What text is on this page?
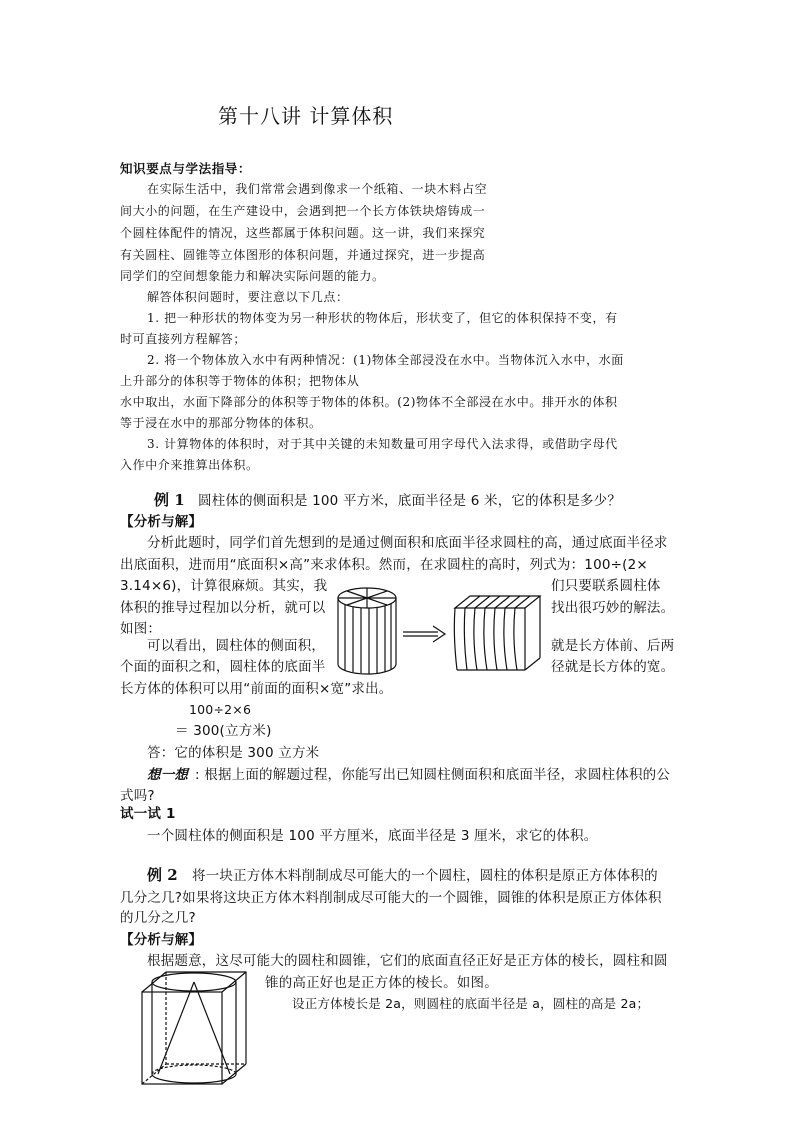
第十八讲 计算体积
知识要点与学法指导：
在实际生活中，我们常常会遇到像求一个纸箱、一块木料占空
间大小的问题，在生产建设中，会遇到把一个长方体铁块熔铸成一
个圆柱体配件的情况，这些都属于体积问题。这一讲，我们来探究
有关圆柱、圆锥等立体图形的体积问题，并通过探究，进一步提高
同学们的空间想象能力和解决实际问题的能力。
解答体积问题时，要注意以下几点：
1. 把一种形状的物体变为另一种形状的物体后，形状变了，但它的体积保持不变，有
时可直接列方程解答；
2. 将一个物体放入水中有两种情况：(1)物体全部浸没在水中。当物体沉入水中，水面
上升部分的体积等于物体的体积；把物体从
水中取出，水面下降部分的体积等于物体的体积。(2)物体不全部浸在水中。排开水的体积
等于浸在水中的那部分物体的体积。
3. 计算物体的体积时，对于其中关键的未知数量可用字母代入法求得，或借助字母代
入作中介来推算出体积。
例 1 圆柱体的侧面积是 100 平方米，底面半径是 6 米，它的体积是多少？
【分析与解】
分析此题时，同学们首先想到的是通过侧面积和底面半径求圆柱的高，通过底面半径求
出底面积，进而用“底面积×高”来求体积。然而，在求圆柱的高时，列式为：100÷(2×
3.14×6)，计算很麻烦。其实，我	们只要联系圆柱体
体积的推导过程加以分析，就可以	找出很巧妙的解法。
如图：
可以看出，圆柱体的侧面积，	就是长方体前、后两
个面的面积之和，圆柱体的底面半	径就是长方体的宽。
长方体的体积可以用“前面的面积×宽”求出。
100÷2×6
＝ 300(立方米)
答：它的体积是 300 立方米
想一想 : 根据上面的解题过程，你能写出已知圆柱侧面积和底面半径，求圆柱体积的公
式吗?
试一试 1
一个圆柱体的侧面积是 100 平方厘米，底面半径是 3 厘米，求它的体积。
例 2 将一块正方体木料削制成尽可能大的一个圆柱，圆柱的体积是原正方体体积的
几分之几?如果将这块正方体木料削制成尽可能大的一个圆锥，圆锥的体积是原正方体体积
的几分之几?
【分析与解】
根据题意，这尽可能大的圆柱和圆锥，它们的底面直径正好是正方体的棱长，圆柱和圆
锥的高正好也是正方体的棱长。如图。
设正方体棱长是 2a，则圆柱的底面半径是 a，圆柱的高是 2a；
